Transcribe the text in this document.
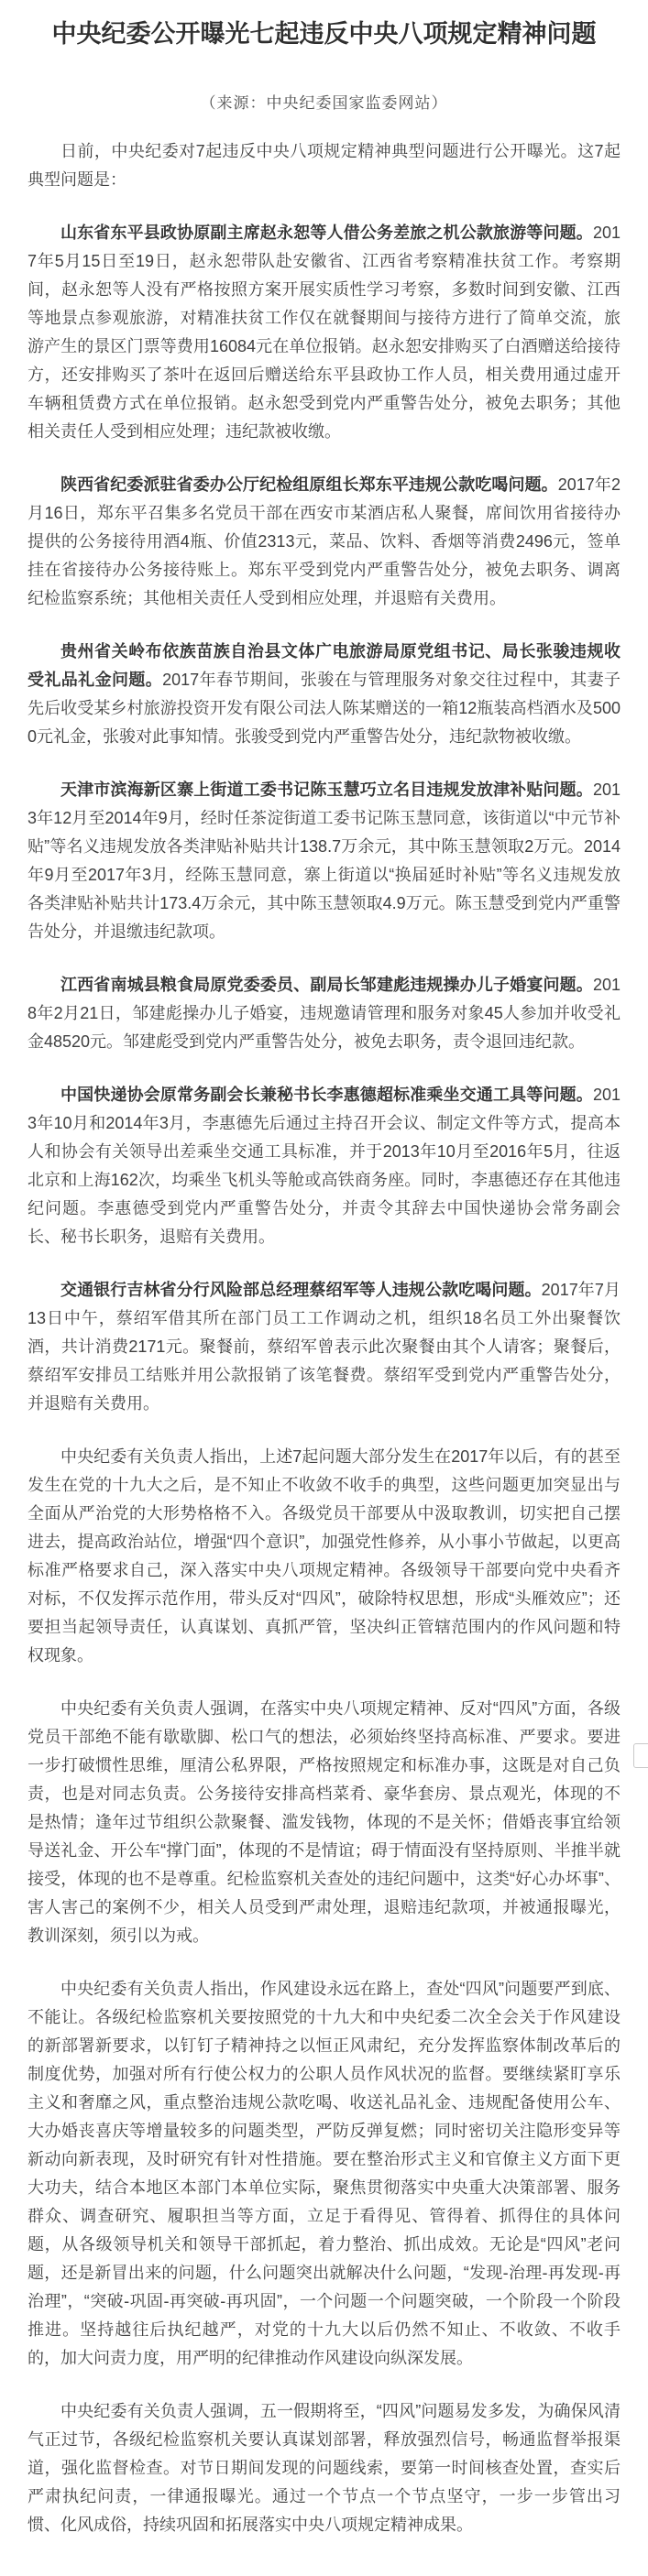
中央纪委公开曝光七起违反中央八项规定精神问题
（来源：中央纪委国家监委网站）

日前，中央纪委对7起违反中央八项规定精神典型问题进行公开曝光。这7起典型问题是：

山东省东平县政协原副主席赵永恕等人借公务差旅之机公款旅游等问题。2017年5月15日至19日，赵永恕带队赴安徽省、江西省考察精准扶贫工作。考察期间，赵永恕等人没有严格按照方案开展实质性学习考察，多数时间到安徽、江西等地景点参观旅游，对精准扶贫工作仅在就餐期间与接待方进行了简单交流，旅游产生的景区门票等费用16084元在单位报销。赵永恕安排购买了白酒赠送给接待方，还安排购买了茶叶在返回后赠送给东平县政协工作人员，相关费用通过虚开车辆租赁费方式在单位报销。赵永恕受到党内严重警告处分，被免去职务；其他相关责任人受到相应处理；违纪款被收缴。

陕西省纪委派驻省委办公厅纪检组原组长郑东平违规公款吃喝问题。2017年2月16日，郑东平召集多名党员干部在西安市某酒店私人聚餐，席间饮用省接待办提供的公务接待用酒4瓶、价值2313元，菜品、饮料、香烟等消费2496元，签单挂在省接待办公务接待账上。郑东平受到党内严重警告处分，被免去职务、调离纪检监察系统；其他相关责任人受到相应处理，并退赔有关费用。

贵州省关岭布依族苗族自治县文体广电旅游局原党组书记、局长张骏违规收受礼品礼金问题。2017年春节期间，张骏在与管理服务对象交往过程中，其妻子先后收受某乡村旅游投资开发有限公司法人陈某赠送的一箱12瓶装高档酒水及5000元礼金，张骏对此事知情。张骏受到党内严重警告处分，违纪款物被收缴。

天津市滨海新区寨上街道工委书记陈玉慧巧立名目违规发放津补贴问题。2013年12月至2014年9月，经时任茶淀街道工委书记陈玉慧同意，该街道以“中元节补贴”等名义违规发放各类津贴补贴共计138.7万余元，其中陈玉慧领取2万元。2014年9月至2017年3月，经陈玉慧同意，寨上街道以“换届延时补贴”等名义违规发放各类津贴补贴共计173.4万余元，其中陈玉慧领取4.9万元。陈玉慧受到党内严重警告处分，并退缴违纪款项。

江西省南城县粮食局原党委委员、副局长邹建彪违规操办儿子婚宴问题。2018年2月21日，邹建彪操办儿子婚宴，违规邀请管理和服务对象45人参加并收受礼金48520元。邹建彪受到党内严重警告处分，被免去职务，责令退回违纪款。

中国快递协会原常务副会长兼秘书长李惠德超标准乘坐交通工具等问题。2013年10月和2014年3月，李惠德先后通过主持召开会议、制定文件等方式，提高本人和协会有关领导出差乘坐交通工具标准，并于2013年10月至2016年5月，往返北京和上海162次，均乘坐飞机头等舱或高铁商务座。同时，李惠德还存在其他违纪问题。李惠德受到党内严重警告处分，并责令其辞去中国快递协会常务副会长、秘书长职务，退赔有关费用。

交通银行吉林省分行风险部总经理蔡绍军等人违规公款吃喝问题。2017年7月13日中午，蔡绍军借其所在部门员工工作调动之机，组织18名员工外出聚餐饮酒，共计消费2171元。聚餐前，蔡绍军曾表示此次聚餐由其个人请客；聚餐后，蔡绍军安排员工结账并用公款报销了该笔餐费。蔡绍军受到党内严重警告处分，并退赔有关费用。

中央纪委有关负责人指出，上述7起问题大部分发生在2017年以后，有的甚至发生在党的十九大之后，是不知止不收敛不收手的典型，这些问题更加突显出与全面从严治党的大形势格格不入。各级党员干部要从中汲取教训，切实把自己摆进去，提高政治站位，增强“四个意识”，加强党性修养，从小事小节做起，以更高标准严格要求自己，深入落实中央八项规定精神。各级领导干部要向党中央看齐对标，不仅发挥示范作用，带头反对“四风”，破除特权思想，形成“头雁效应”；还要担当起领导责任，认真谋划、真抓严管，坚决纠正管辖范围内的作风问题和特权现象。

中央纪委有关负责人强调，在落实中央八项规定精神、反对“四风”方面，各级党员干部绝不能有歇歇脚、松口气的想法，必须始终坚持高标准、严要求。要进一步打破惯性思维，厘清公私界限，严格按照规定和标准办事，这既是对自己负责，也是对同志负责。公务接待安排高档菜肴、豪华套房、景点观光，体现的不是热情；逢年过节组织公款聚餐、滥发钱物，体现的不是关怀；借婚丧事宜给领导送礼金、开公车“撑门面”，体现的不是情谊；碍于情面没有坚持原则、半推半就接受，体现的也不是尊重。纪检监察机关查处的违纪问题中，这类“好心办坏事”、害人害己的案例不少，相关人员受到严肃处理，退赔违纪款项，并被通报曝光，教训深刻，须引以为戒。

中央纪委有关负责人指出，作风建设永远在路上，查处“四风”问题要严到底、不能让。各级纪检监察机关要按照党的十九大和中央纪委二次全会关于作风建设的新部署新要求，以钉钉子精神持之以恒正风肃纪，充分发挥监察体制改革后的制度优势，加强对所有行使公权力的公职人员作风状况的监督。要继续紧盯享乐主义和奢靡之风，重点整治违规公款吃喝、收送礼品礼金、违规配备使用公车、大办婚丧喜庆等增量较多的问题类型，严防反弹复燃；同时密切关注隐形变异等新动向新表现，及时研究有针对性措施。要在整治形式主义和官僚主义方面下更大功夫，结合本地区本部门本单位实际，聚焦贯彻落实中央重大决策部署、服务群众、调查研究、履职担当等方面，立足于看得见、管得着、抓得住的具体问题，从各级领导机关和领导干部抓起，着力整治、抓出成效。无论是“四风”老问题，还是新冒出来的问题，什么问题突出就解决什么问题，“发现-治理-再发现-再治理”，“突破-巩固-再突破-再巩固”，一个问题一个问题突破，一个阶段一个阶段推进。坚持越往后执纪越严，对党的十九大以后仍然不知止、不收敛、不收手的，加大问责力度，用严明的纪律推动作风建设向纵深发展。

中央纪委有关负责人强调，五一假期将至，“四风”问题易发多发，为确保风清气正过节，各级纪检监察机关要认真谋划部署，释放强烈信号，畅通监督举报渠道，强化监督检查。对节日期间发现的问题线索，要第一时间核查处置，查实后严肃执纪问责，一律通报曝光。通过一个节点一个节点坚守，一步一步管出习惯、化风成俗，持续巩固和拓展落实中央八项规定精神成果。
